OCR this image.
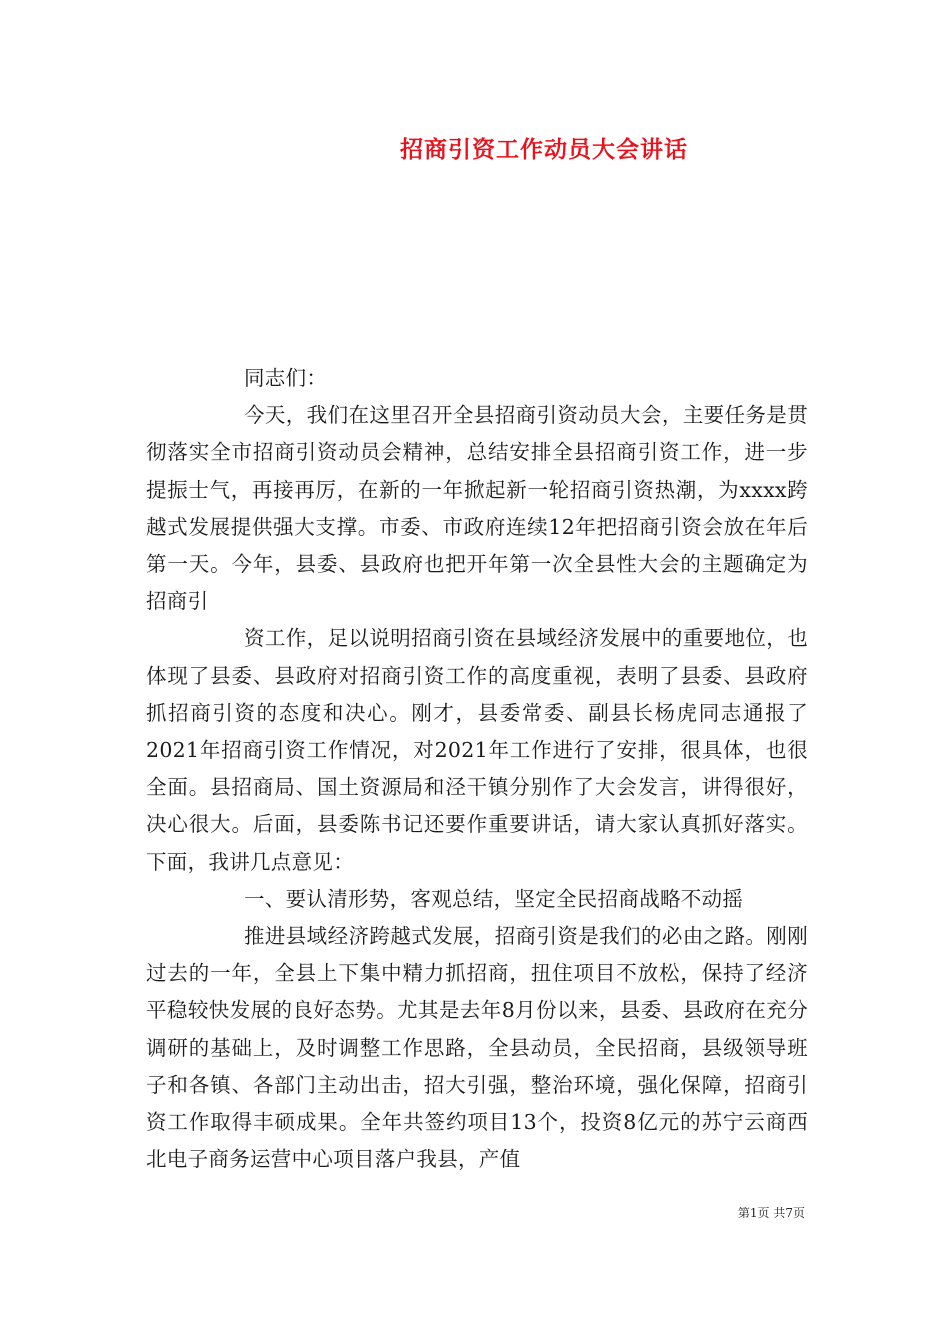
招商引资工作动员大会讲话

同志们：

今天，我们在这里召开全县招商引资动员大会，主要任务是贯彻落实全市招商引资动员会精神，总结安排全县招商引资工作，进一步提振士气，再接再厉，在新的一年掀起新一轮招商引资热潮，为xxxx跨越式发展提供强大支撑。市委、市政府连续12年把招商引资会放在年后第一天。今年，县委、县政府也把开年第一次全县性大会的主题确定为招商引

资工作，足以说明招商引资在县域经济发展中的重要地位，也体现了县委、县政府对招商引资工作的高度重视，表明了县委、县政府抓招商引资的态度和决心。刚才，县委常委、副县长杨虎同志通报了2021年招商引资工作情况，对2021年工作进行了安排，很具体，也很全面。县招商局、国土资源局和泾干镇分别作了大会发言，讲得很好，决心很大。后面，县委陈书记还要作重要讲话，请大家认真抓好落实。下面，我讲几点意见：

一、要认清形势，客观总结，坚定全民招商战略不动摇

推进县域经济跨越式发展，招商引资是我们的必由之路。刚刚过去的一年，全县上下集中精力抓招商，扭住项目不放松，保持了经济平稳较快发展的良好态势。尤其是去年8月份以来，县委、县政府在充分调研的基础上，及时调整工作思路，全县动员，全民招商，县级领导班子和各镇、各部门主动出击，招大引强，整治环境，强化保障，招商引资工作取得丰硕成果。全年共签约项目13个，投资8亿元的苏宁云商西北电子商务运营中心项目落户我县，产值

第1页 共7页
